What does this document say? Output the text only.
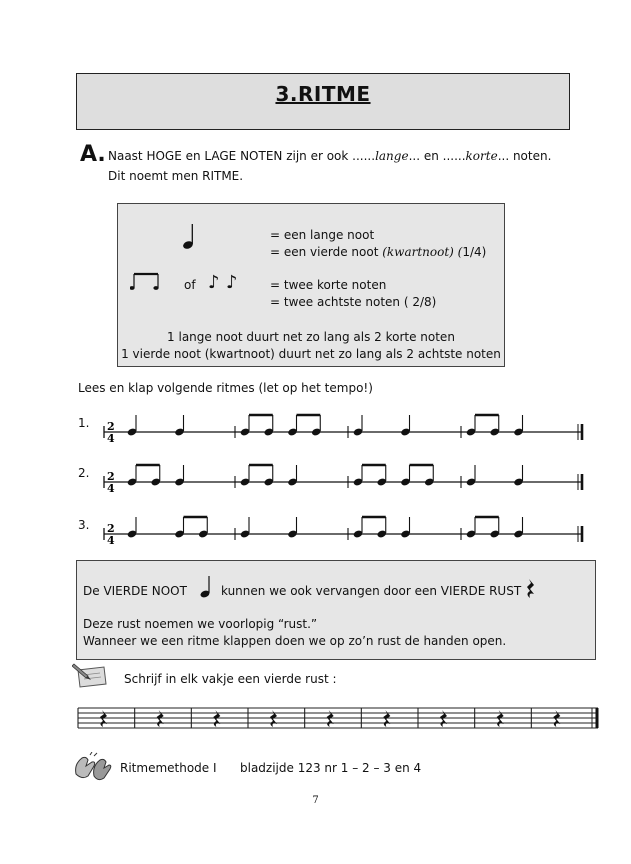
3.RITME
A. Naast HOGE en LAGE NOTEN zijn er ook ......lange... en ......korte... noten.
Dit noemt men RITME.
= een lange noot
= een vierde noot (kwartnoot) (1/4)
of ♪ ♪	= twee korte noten
= twee achtste noten ( 2/8)
1 lange noot duurt net zo lang als 2 korte noten
1 vierde noot (kwartnoot) duurt net zo lang als 2 achtste noten
Lees en klap volgende ritmes (let op het tempo!)
1. 2
4
2. 2
4
3. 2
4
De VIERDE NOOT	kunnen we ook vervangen door een VIERDE RUST
Deze rust noemen we voorlopig “rust.”
Wanneer we een ritme klappen doen we op zo’n rust de handen open.
Schrijf in elk vakje een vierde rust :
Ritmemethode I bladzijde 123 nr 1 – 2 – 3 en 4
7
